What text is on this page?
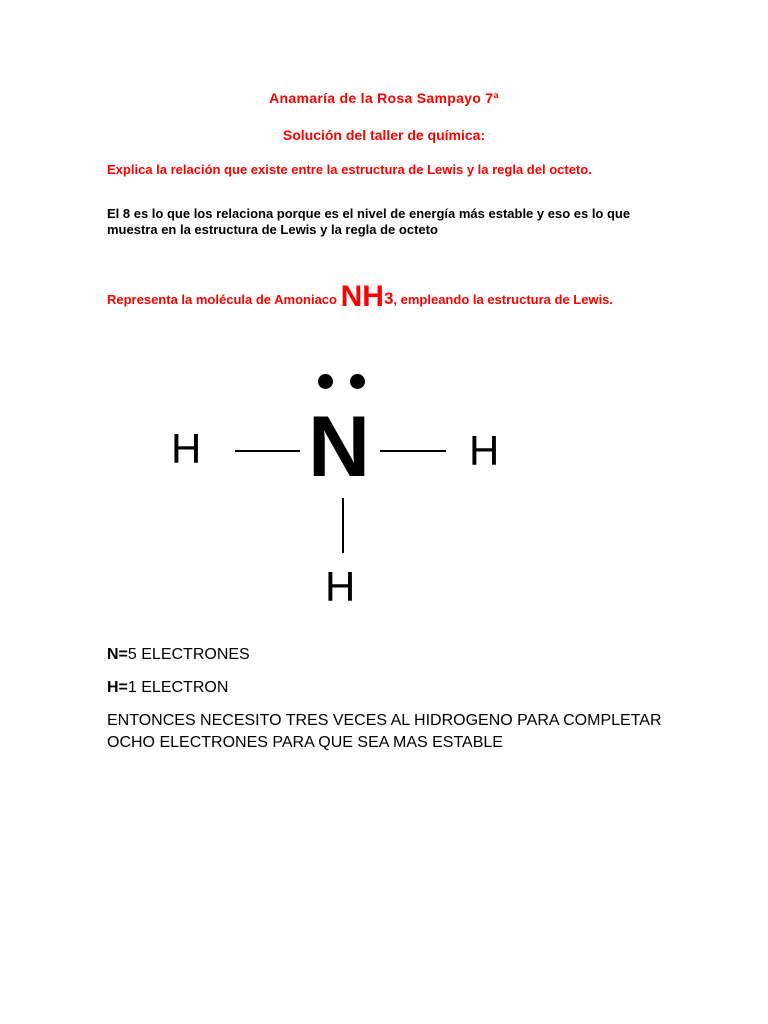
Anamaría de la Rosa Sampayo 7ª
Solución del taller de química:
Explica la relación que existe entre la estructura de Lewis y la regla del octeto.
El 8 es lo que los relaciona porque es el nivel de energía más estable y eso es lo que muestra en la estructura de Lewis y la regla de octeto
Representa la molécula de Amoniaco NH3, empleando la estructura de Lewis.
N
H	H
H
N=5 ELECTRONES
H=1 ELECTRON
ENTONCES NECESITO TRES VECES AL HIDROGENO PARA COMPLETAR OCHO ELECTRONES PARA QUE SEA MAS ESTABLE
